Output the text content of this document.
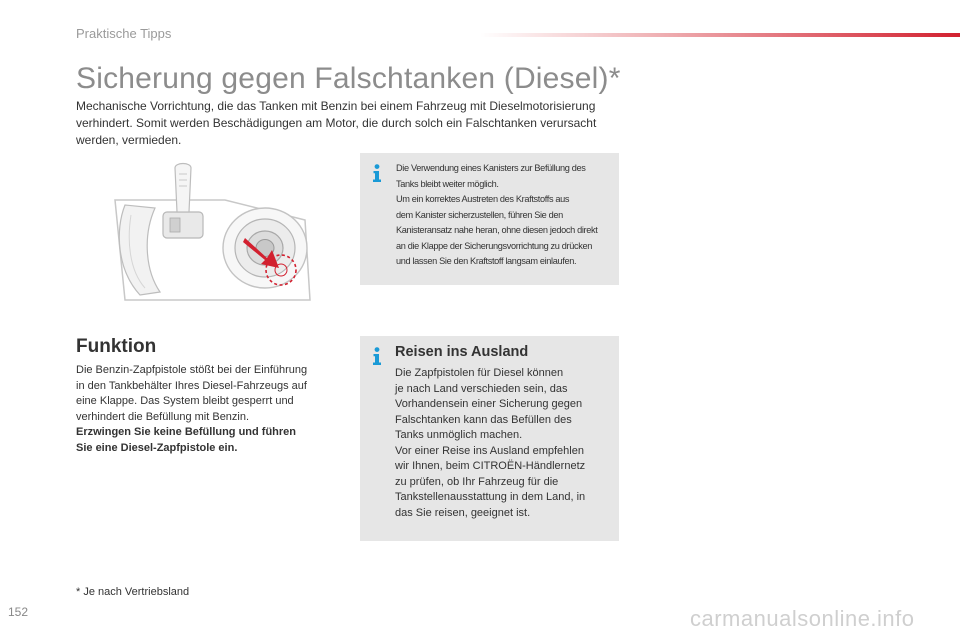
Praktische Tipps
Sicherung gegen Falschtanken (Diesel)*
Mechanische Vorrichtung, die das Tanken mit Benzin bei einem Fahrzeug mit Dieselmotorisierung verhindert. Somit werden Beschädigungen am Motor, die durch solch ein Falschtanken verursacht werden, vermieden.
Die Verwendung eines Kanisters zur Befüllung des
Tanks bleibt weiter möglich.
Um ein korrektes Austreten des Kraftstoffs aus
dem Kanister sicherzustellen, führen Sie den
Kanisteransatz nahe heran, ohne diesen jedoch direkt
an die Klappe der Sicherungsvorrichtung zu drücken
und lassen Sie den Kraftstoff langsam einlaufen.
Funktion
Die Benzin-Zapfpistole stößt bei der Einführung
in den Tankbehälter Ihres Diesel-Fahrzeugs auf
eine Klappe. Das System bleibt gesperrt und
verhindert die Befüllung mit Benzin.
Erzwingen Sie keine Befüllung und führen
Sie eine Diesel-Zapfpistole ein.
Reisen ins Ausland
Die Zapfpistolen für Diesel können
je nach Land verschieden sein, das
Vorhandensein einer Sicherung gegen
Falschtanken kann das Befüllen des
Tanks unmöglich machen.
Vor einer Reise ins Ausland empfehlen
wir Ihnen, beim CITROËN-Händlernetz
zu prüfen, ob Ihr Fahrzeug für die
Tankstellenausstattung in dem Land, in
das Sie reisen, geeignet ist.
* Je nach Vertriebsland
152	carmanualsonline.info
